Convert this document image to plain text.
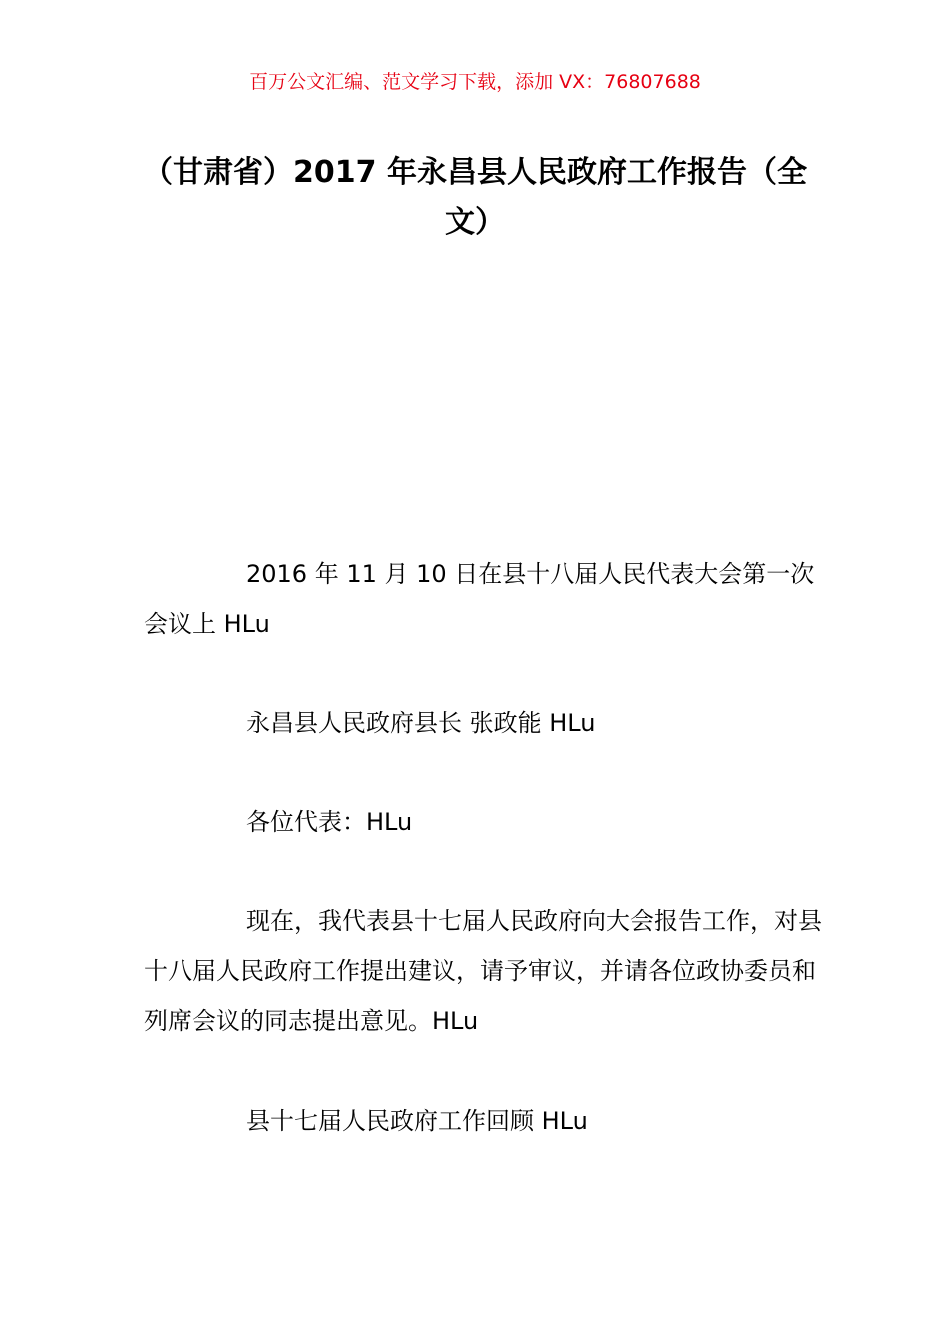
百万公文汇编、范文学习下载，添加 VX：76807688
（甘肃省）2017 年永昌县人民政府工作报告（全文）

2016 年 11 月 10 日在县十八届人民代表大会第一次会议上 HLu

永昌县人民政府县长 张政能 HLu

各位代表：HLu

现在，我代表县十七届人民政府向大会报告工作，对县十八届人民政府工作提出建议，请予审议，并请各位政协委员和列席会议的同志提出意见。HLu

县十七届人民政府工作回顾 HLu
